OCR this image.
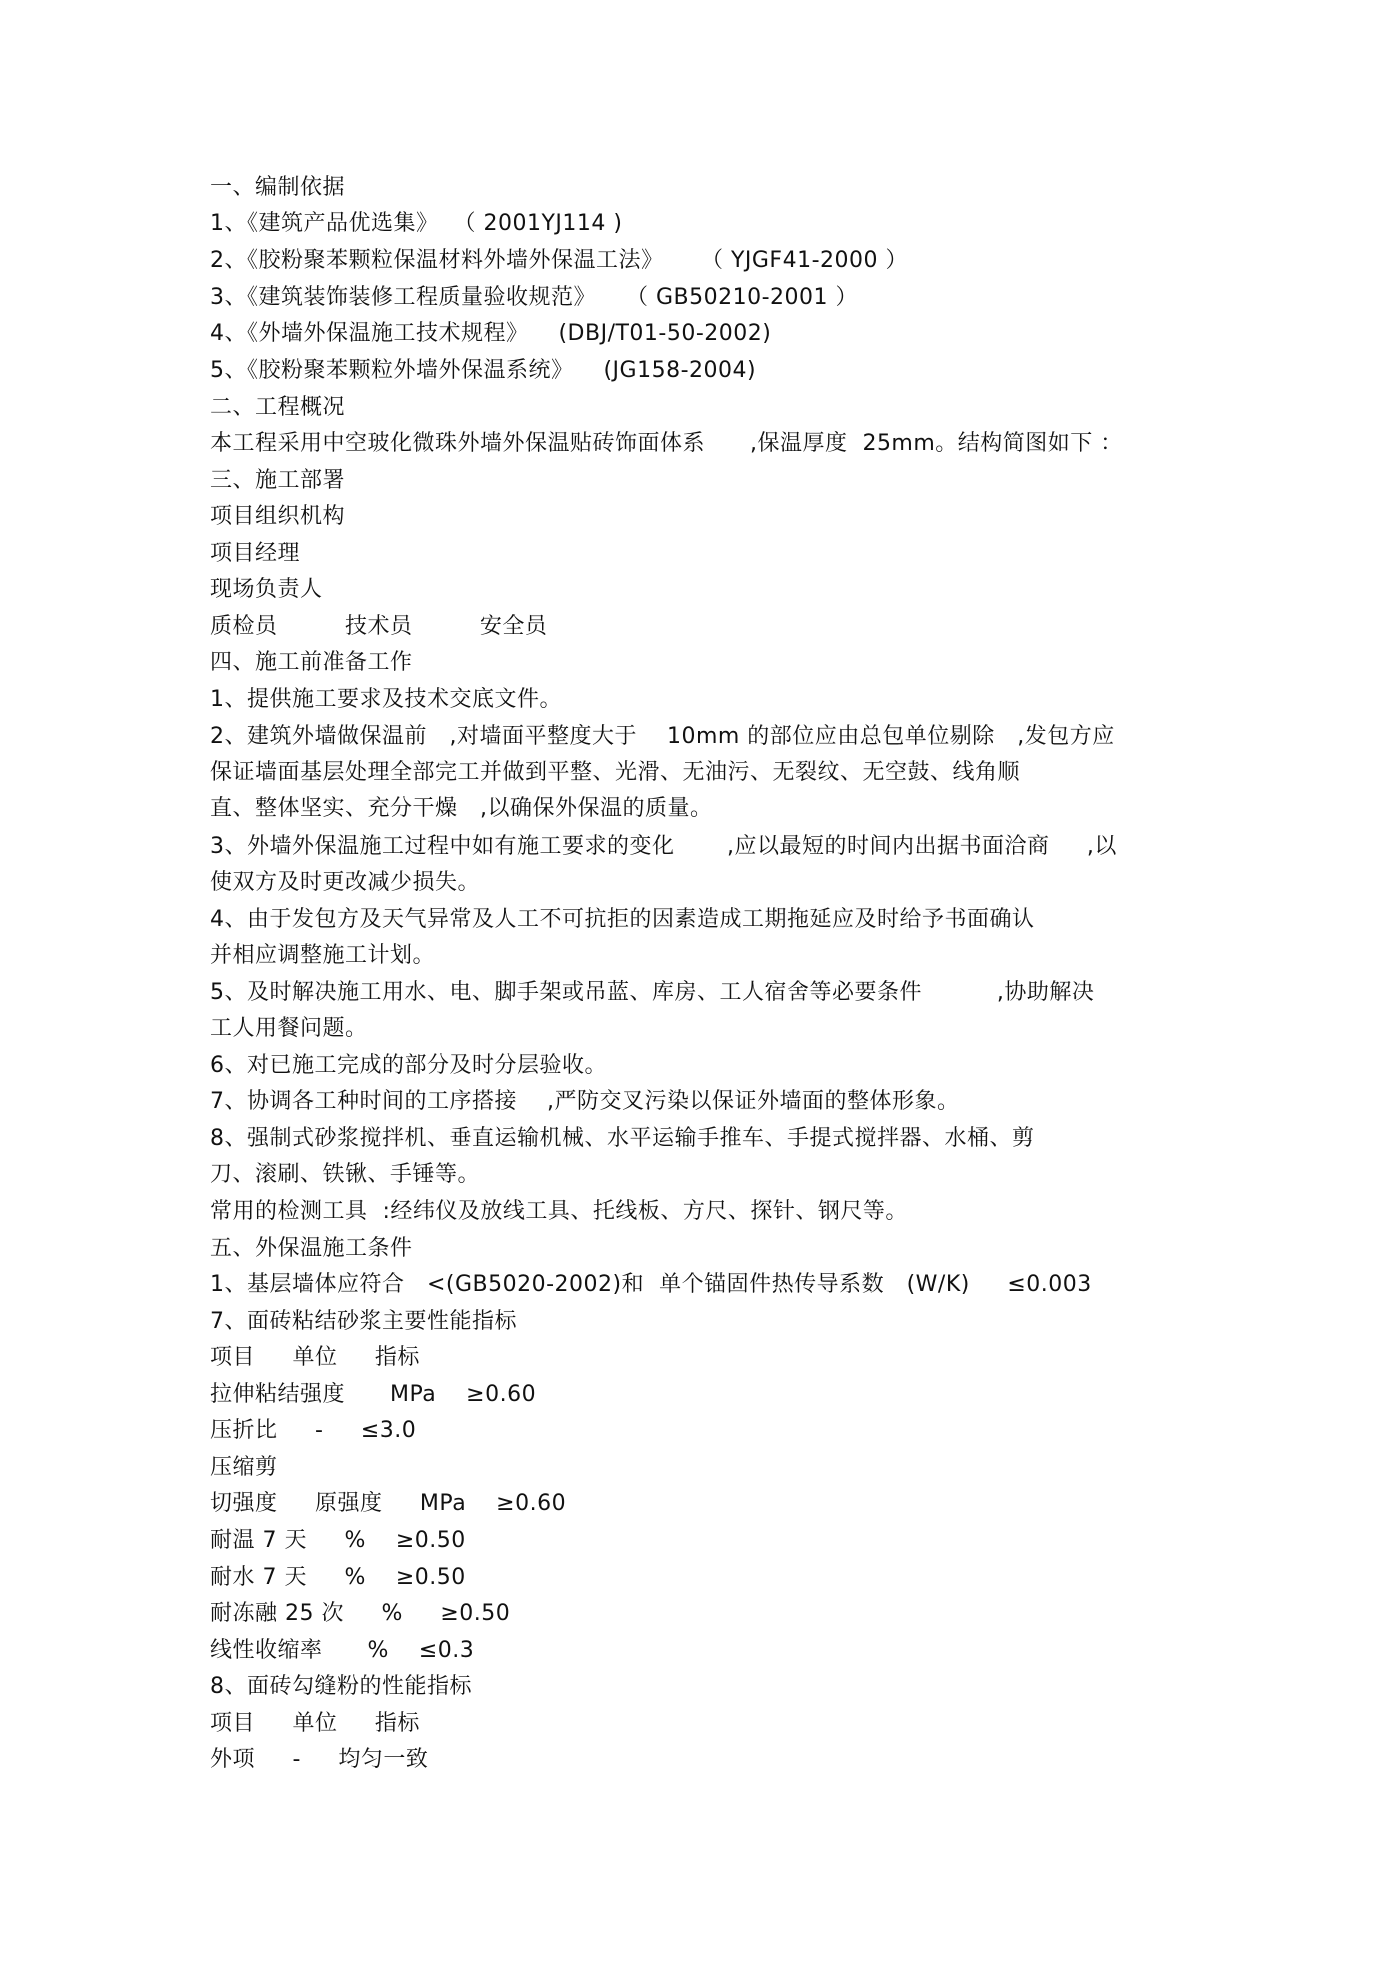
一、编制依据
1、《建筑产品优选集》  （ 2001YJ114 )
2、《胶粉聚苯颗粒保温材料外墙外保温工法》     （ YJGF41-2000 ）
3、《建筑装饰装修工程质量验收规范》    （ GB50210-2001 ）
4、《外墙外保温施工技术规程》    (DBJ/T01-50-2002)
5、《胶粉聚苯颗粒外墙外保温系统》    (JG158-2004)
二、工程概况
本工程采用中空玻化微珠外墙外保温贴砖饰面体系      ,保温厚度  25mm。结构简图如下 ：
三、施工部署
项目组织机构
项目经理
现场负责人
质检员         技术员         安全员
四、施工前准备工作
1、提供施工要求及技术交底文件。
2、建筑外墙做保温前   ,对墙面平整度大于    10mm 的部位应由总包单位剔除   ,发包方应
保证墙面基层处理全部完工并做到平整、光滑、无油污、无裂纹、无空鼓、线角顺
直、整体坚实、充分干燥   ,以确保外保温的质量。
3、外墙外保温施工过程中如有施工要求的变化       ,应以最短的时间内出据书面洽商     ,以
使双方及时更改减少损失。
4、由于发包方及天气异常及人工不可抗拒的因素造成工期拖延应及时给予书面确认
并相应调整施工计划。
5、及时解决施工用水、电、脚手架或吊蓝、库房、工人宿舍等必要条件          ,协助解决
工人用餐问题。
6、对已施工完成的部分及时分层验收。
7、协调各工种时间的工序搭接    ,严防交叉污染以保证外墙面的整体形象。
8、强制式砂浆搅拌机、垂直运输机械、水平运输手推车、手提式搅拌器、水桶、剪
刀、滚刷、铁锹、手锤等。
常用的检测工具  :经纬仪及放线工具、托线板、方尺、探针、钢尺等。
五、外保温施工条件
1、基层墙体应符合   <(GB5020-2002)和  单个锚固件热传导系数   (W/K)     ≤0.003
7、面砖粘结砂浆主要性能指标
项目     单位     指标
拉伸粘结强度      MPa    ≥0.60
压折比     -     ≤3.0
压缩剪
切强度     原强度     MPa    ≥0.60
耐温 7 天     %    ≥0.50
耐水 7 天     %    ≥0.50
耐冻融 25 次     %     ≥0.50
线性收缩率      %    ≤0.3
8、面砖勾缝粉的性能指标
项目     单位     指标
外项     -     均匀一致
